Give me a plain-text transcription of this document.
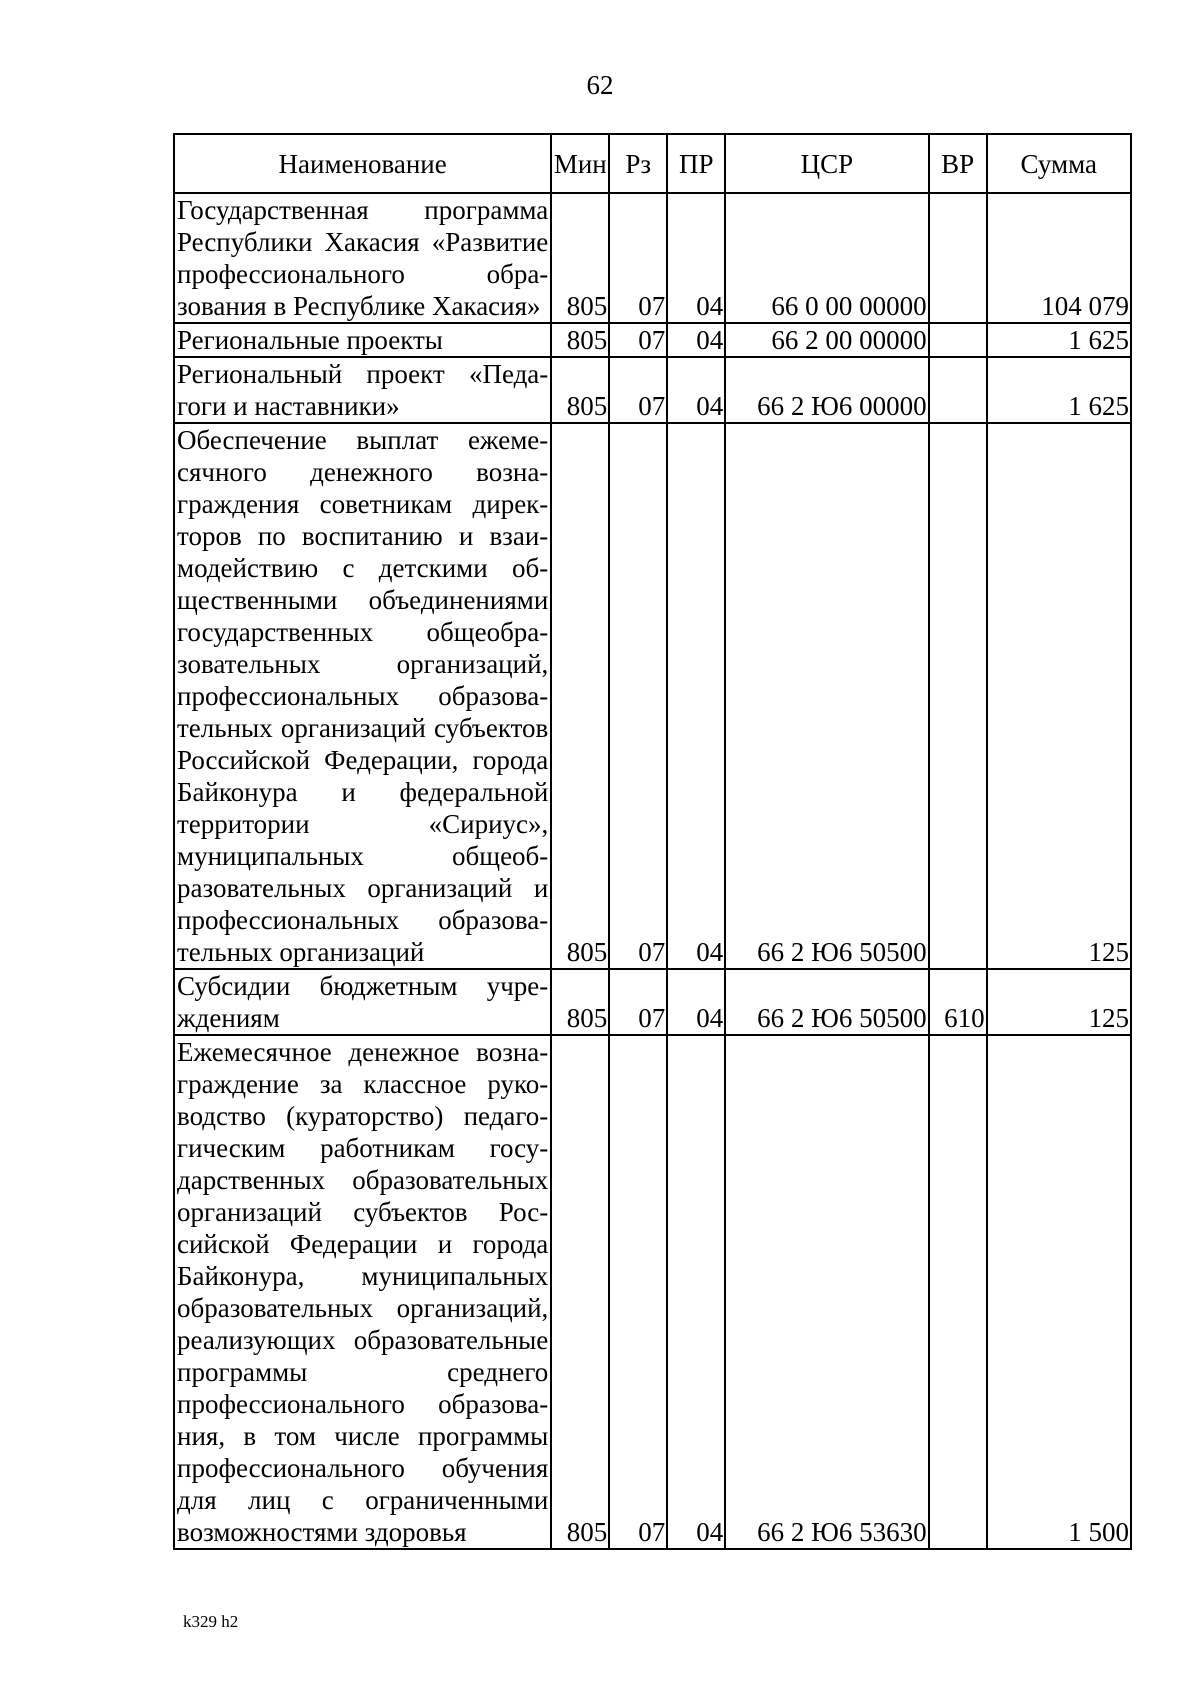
62
Наименование	Мин	Рз	ПР	ЦСР	ВР	Сумма
Государственная программа Республики Хакасия «Развитие профессионального образования в Республике Хакасия»	805	07	04	66 0 00 00000		104 079
Региональные проекты	805	07	04	66 2 00 00000		1 625
Региональный проект «Педагоги и наставники»	805	07	04	66 2 Ю6 00000		1 625
Обеспечение выплат ежемесячного денежного вознаграждения советникам директоров по воспитанию и взаимодействию с детскими общественными объединениями государственных общеобразовательных организаций, профессиональных образовательных организаций субъектов Российской Федерации, города Байконура и федеральной территории «Сириус», муниципальных общеобразовательных организаций и профессиональных образовательных организаций	805	07	04	66 2 Ю6 50500		125
Субсидии бюджетным учреждениям	805	07	04	66 2 Ю6 50500	610	125
Ежемесячное денежное вознаграждение за классное руководство (кураторство) педагогическим работникам государственных образовательных организаций субъектов Российской Федерации и города Байконура, муниципальных образовательных организаций, реализующих образовательные программы среднего профессионального образования, в том числе программы профессионального обучения для лиц с ограниченными возможностями здоровья	805	07	04	66 2 Ю6 53630		1 500
k329 h2
